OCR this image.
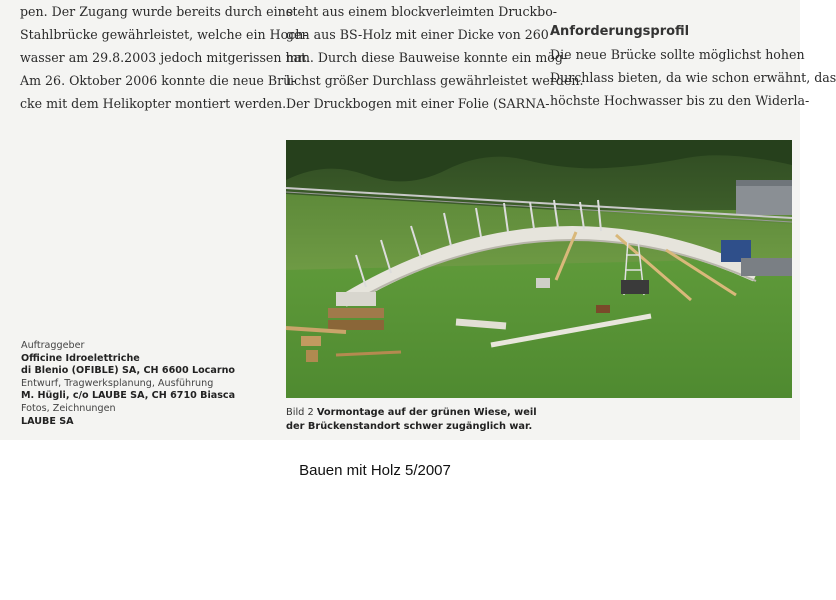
pen. Der Zugang wurde bereits durch eine

Stahlbrücke gewährleistet, welche ein Hoch-

wasser am 29.8.2003 jedoch mitgerissen hat.

Am 26. Oktober 2006 konnte die neue Brü-

cke mit dem Helikopter montiert werden.

steht aus einem blockverleimten Druckbo-

gen aus BS-Holz mit einer Dicke von 260

mm. Durch diese Bauweise konnte ein mög-

lichst größer Durchlass gewährleistet werden.

Der Druckbogen mit einer Folie (SARNA-

Anforderungsprofil

Die neue Brücke sollte möglichst hohen

Durchlass bieten, da wie schon erwähnt, das

höchste Hochwasser bis zu den Widerla-

Auftraggeber
Officine Idroelettriche
di Blenio (OFIBLE) SA, CH 6600 Locarno
Entwurf, Tragwerksplanung, Ausführung
M. Hügli, c/o LAUBE SA, CH 6710 Biasca
Fotos, Zeichnungen
LAUBE SA
Bild 2 Vormontage auf der grünen Wiese, weil
der Brückenstandort schwer zugänglich war.
Bauen mit Holz 5/2007
